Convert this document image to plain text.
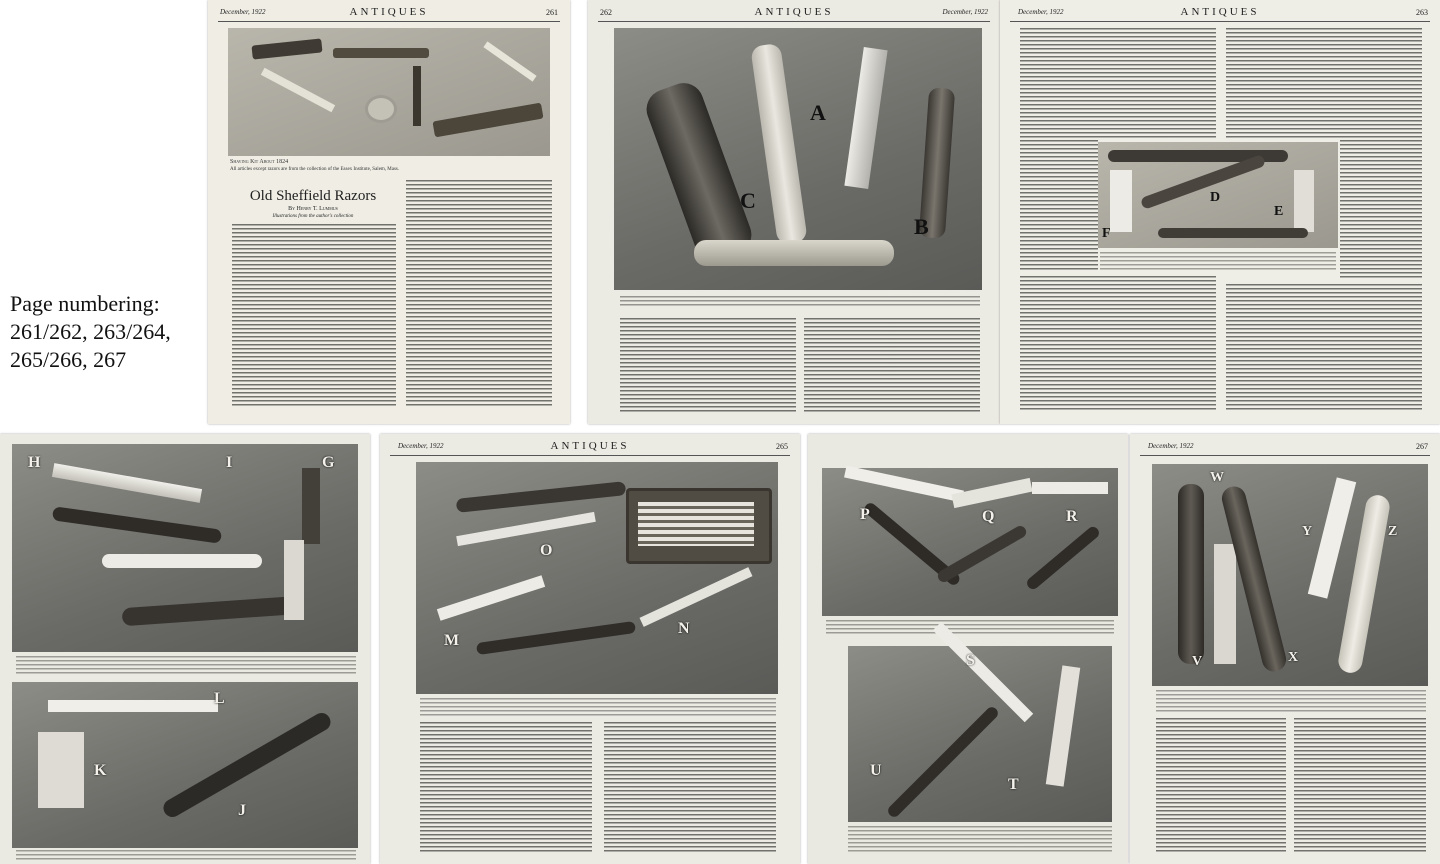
Page numbering:
261/262, 263/264,
265/266, 267
December, 1922	ANTIQUES	261
Shaving Kit About 1824
All articles except razors are from the collection of the Essex Institute, Salem, Mass.
Old Sheffield Razors
By Henry T. Lummus
Illustrations from the author's collection
262	ANTIQUES	December, 1922
A
C
B
December, 1922	ANTIQUES	263
D
E
F
H	I	G
L
K
J
December, 1922	ANTIQUES	265
O
M
N
P	Q	R
S
U
T
December, 1922	267
W
Y	Z
V	X
